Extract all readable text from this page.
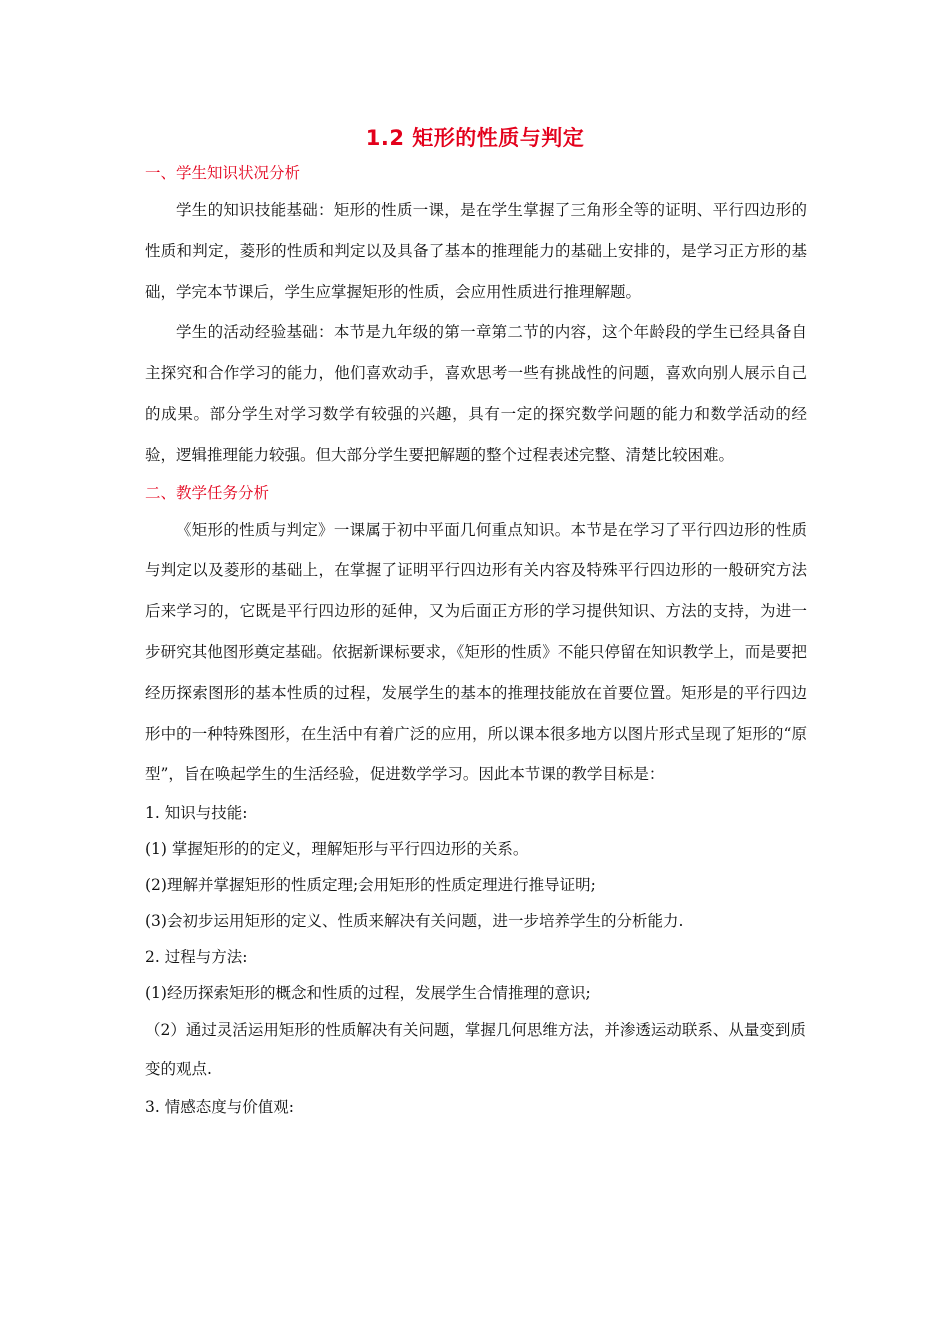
1.2 矩形的性质与判定

一、学生知识状况分析

学生的知识技能基础：矩形的性质一课，是在学生掌握了三角形全等的证明、平行四边形的性质和判定，菱形的性质和判定以及具备了基本的推理能力的基础上安排的，是学习正方形的基础，学完本节课后，学生应掌握矩形的性质，会应用性质进行推理解题。

学生的活动经验基础：本节是九年级的第一章第二节的内容，这个年龄段的学生已经具备自主探究和合作学习的能力，他们喜欢动手，喜欢思考一些有挑战性的问题，喜欢向别人展示自己的成果。部分学生对学习数学有较强的兴趣，具有一定的探究数学问题的能力和数学活动的经验，逻辑推理能力较强。但大部分学生要把解题的整个过程表述完整、清楚比较困难。

二、教学任务分析

《矩形的性质与判定》一课属于初中平面几何重点知识。本节是在学习了平行四边形的性质与判定以及菱形的基础上，在掌握了证明平行四边形有关内容及特殊平行四边形的一般研究方法后来学习的，它既是平行四边形的延伸，又为后面正方形的学习提供知识、方法的支持，为进一步研究其他图形奠定基础。依据新课标要求，《矩形的性质》不能只停留在知识教学上，而是要把经历探索图形的基本性质的过程，发展学生的基本的推理技能放在首要位置。矩形是的平行四边形中的一种特殊图形，在生活中有着广泛的应用，所以课本很多地方以图片形式呈现了矩形的“原型”，旨在唤起学生的生活经验，促进数学学习。因此本节课的教学目标是：

1. 知识与技能:

(1) 掌握矩形的的定义，理解矩形与平行四边形的关系。

(2)理解并掌握矩形的性质定理;会用矩形的性质定理进行推导证明;

(3)会初步运用矩形的定义、性质来解决有关问题，进一步培养学生的分析能力.

2. 过程与方法:

(1)经历探索矩形的概念和性质的过程，发展学生合情推理的意识;

（2）通过灵活运用矩形的性质解决有关问题，掌握几何思维方法，并渗透运动联系、从量变到质变的观点.

3. 情感态度与价值观:
